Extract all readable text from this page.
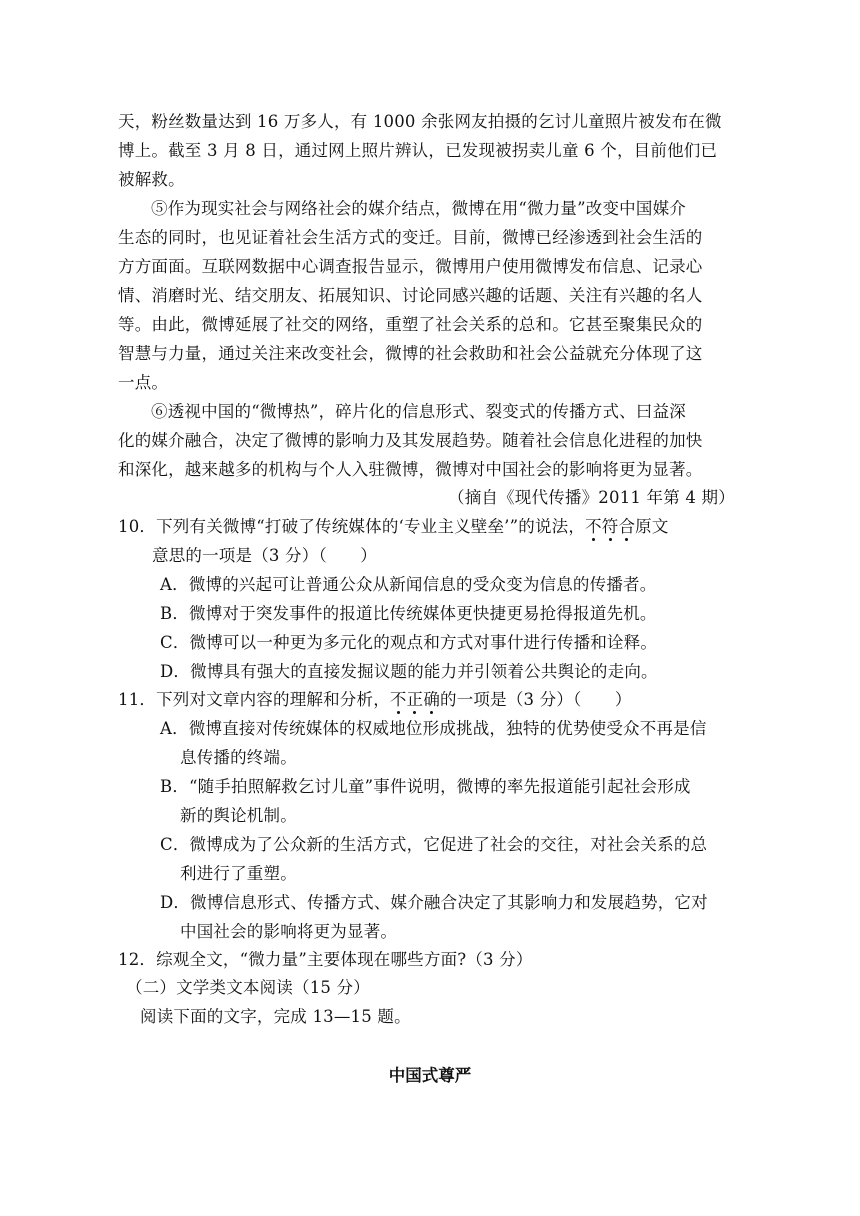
天，粉丝数量达到 16 万多人，有 1000 余张网友拍摄的乞讨儿童照片被发布在微
博上。截至 3 月 8 日，通过网上照片辨认，已发现被拐卖儿童 6 个，目前他们已
被解救。
⑤作为现实社会与网络社会的媒介结点，微博在用“微力量”改变中国媒介
生态的同时，也见证着社会生活方式的变迁。目前，微博已经渗透到社会生活的
方方面面。互联网数据中心调查报告显示，微博用户使用微博发布信息、记录心
情、消磨时光、结交朋友、拓展知识、讨论同感兴趣的话题、关注有兴趣的名人
等。由此，微博延展了社交的网络，重塑了社会关系的总和。它甚至聚集民众的
智慧与力量，通过关注来改变社会，微博的社会救助和社会公益就充分体现了这
一点。
⑥透视中国的“微博热”，碎片化的信息形式、裂变式的传播方式、曰益深
化的媒介融合，决定了微博的影响力及其发展趋势。随着社会信息化进程的加快
和深化，越来越多的机构与个人入驻微博，微博对中国社会的影响将更为显著。
（摘自《现代传播》2011 年第 4 期）
10．下列有关微博“打破了传统媒体的‘专业主义壁垒’”的说法，不符合原文
意思的一项是（3 分）（　　）
A．微博的兴起可让普通公众从新闻信息的受众变为信息的传播者。
B．微博对于突发事件的报道比传统媒体更快捷更易抢得报道先机。
C．微博可以一种更为多元化的观点和方式对事什进行传播和诠释。
D．微博具有强大的直接发掘议题的能力并引领着公共舆论的走向。
11．下列对文章内容的理解和分析，不正确的一项是（3 分）（　　）
A．微博直接对传统媒体的权威地位形成挑战，独特的优势使受众不再是信
息传播的终端。
B．“随手拍照解救乞讨儿童”事件说明，微博的率先报道能引起社会形成
新的舆论机制。
C．微博成为了公众新的生活方式，它促进了社会的交往，对社会关系的总
利进行了重塑。
D．微博信息形式、传播方式、媒介融合决定了其影响力和发展趋势，它对
中国社会的影响将更为显著。
12．综观全文，“微力量”主要体现在哪些方面?（3 分）
（二）文学类文本阅读（15 分）
阅读下面的文字，完成 13—15 题。
中国式尊严
